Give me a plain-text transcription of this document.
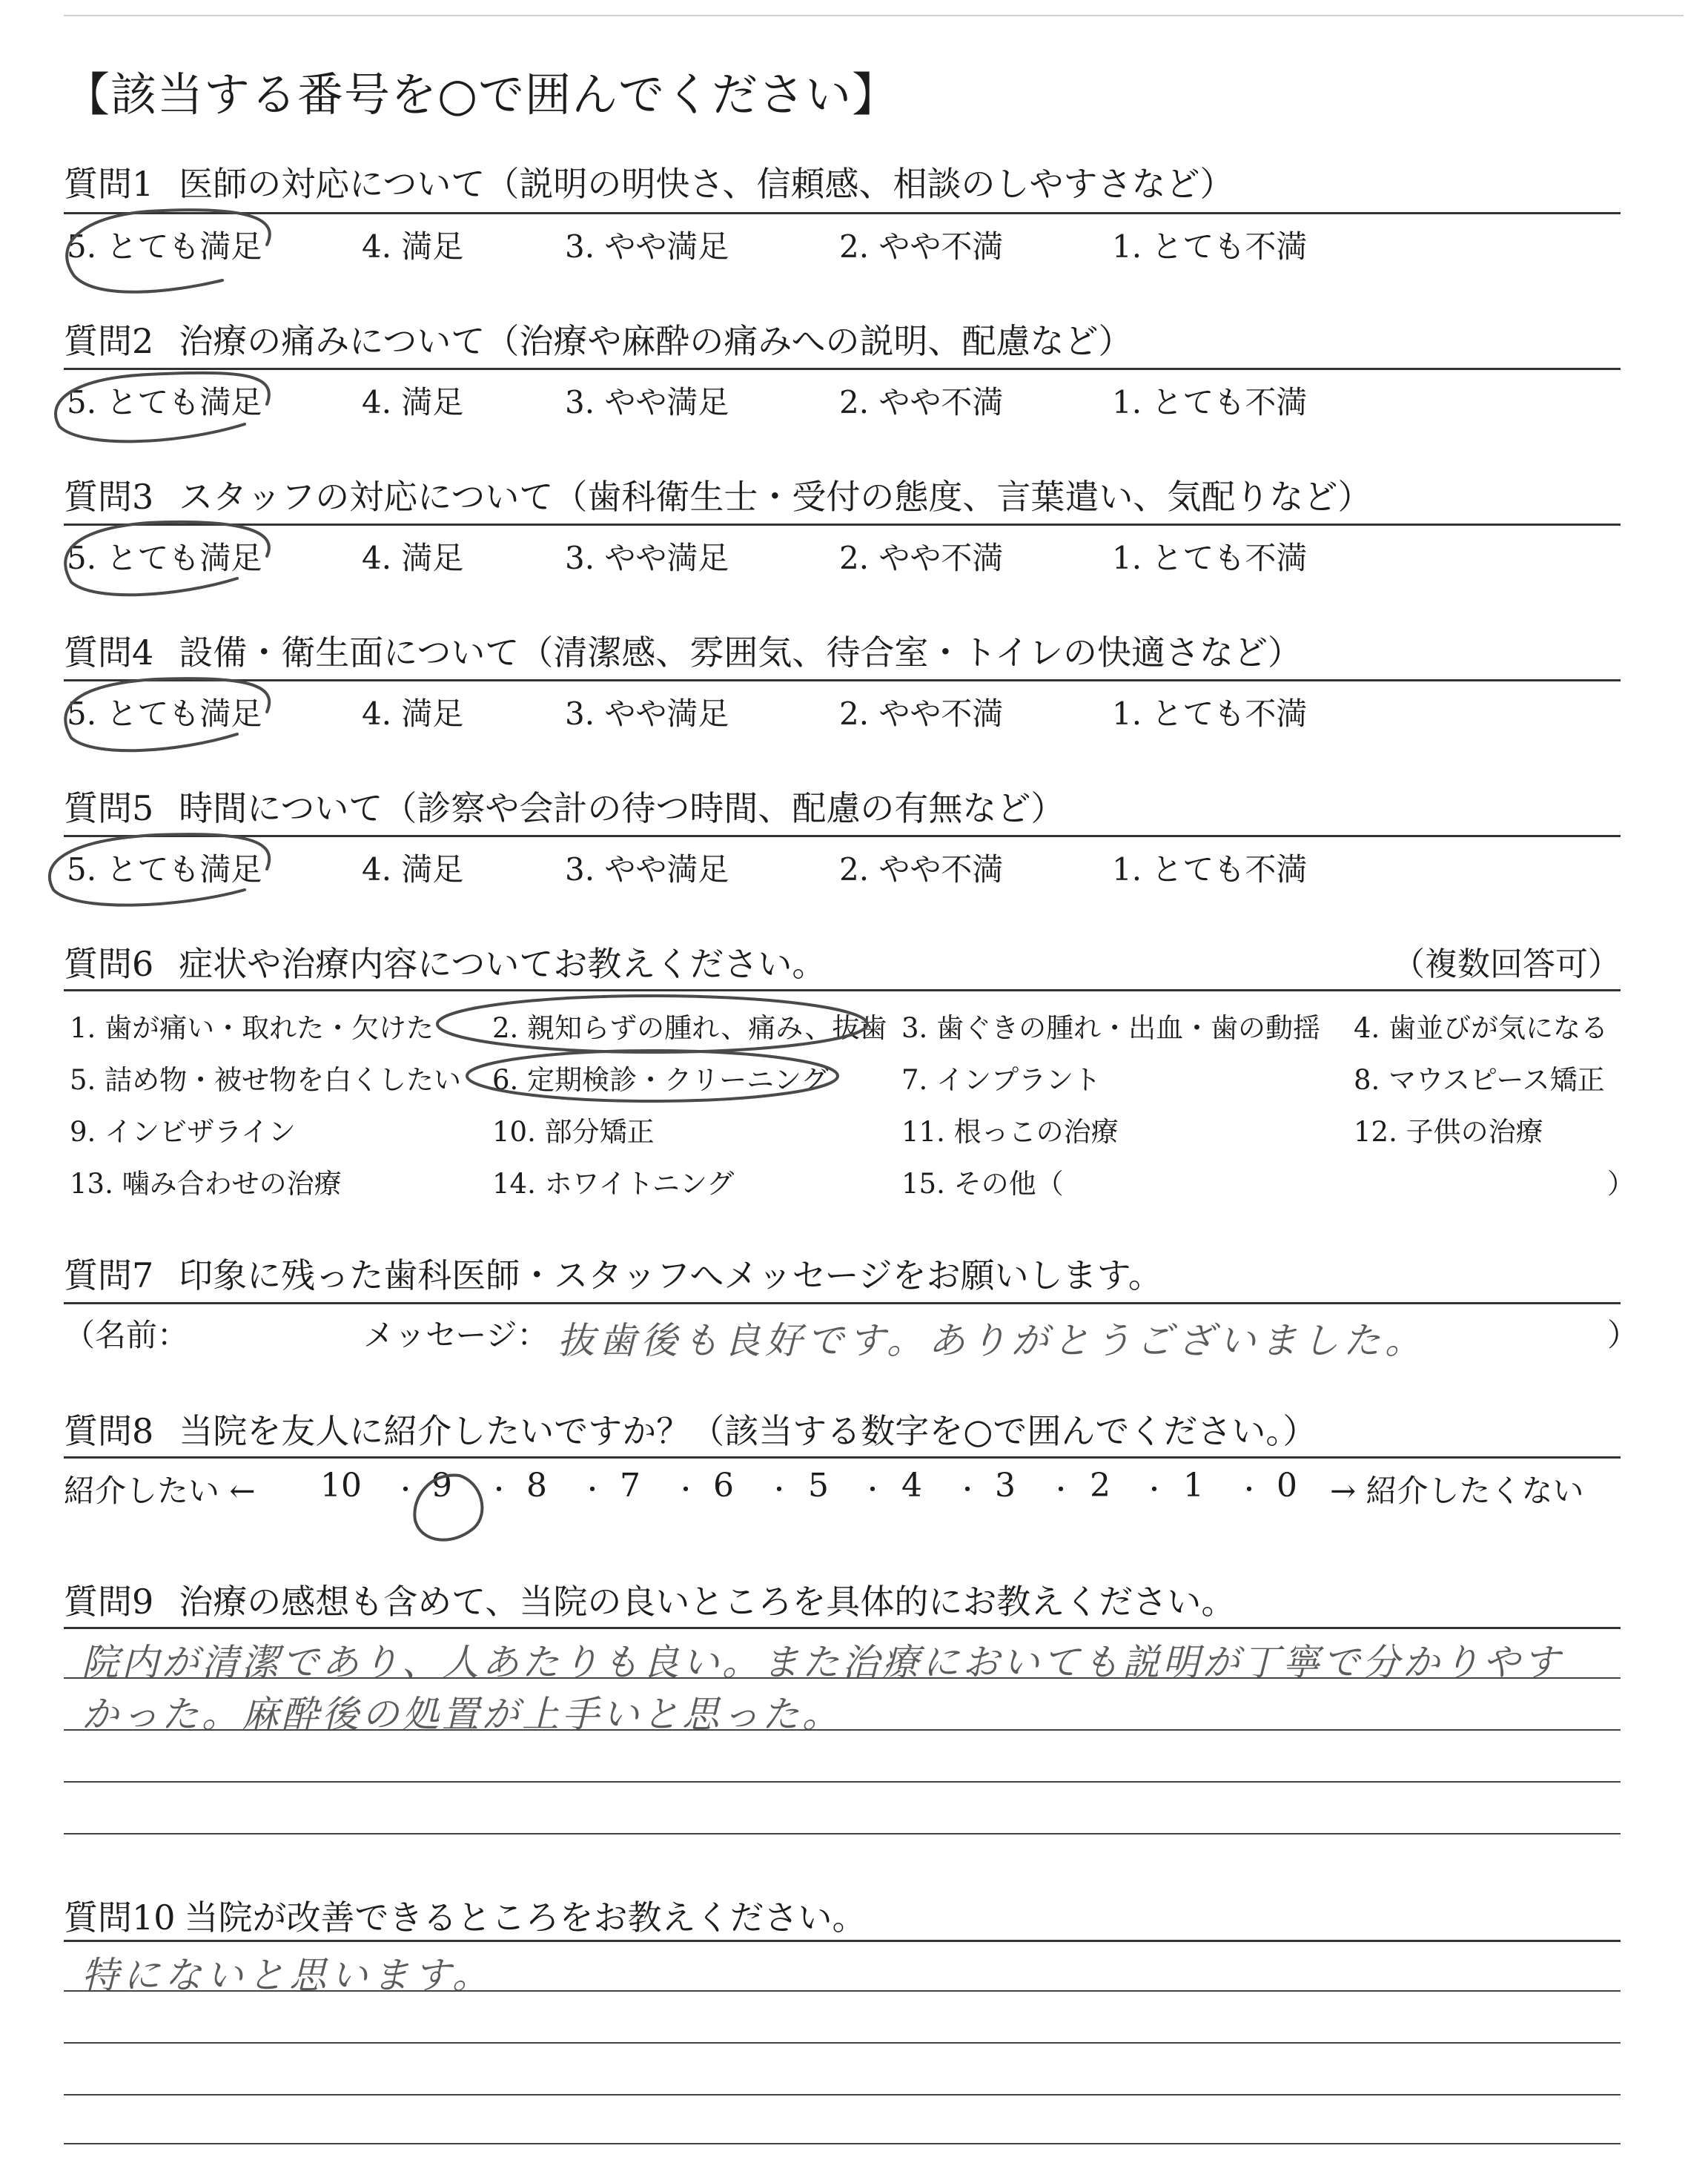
【該当する番号を○で囲んでください】
質問1 医師の対応について（説明の明快さ、信頼感、相談のしやすさなど）
5. とても満足	4. 満足	3. やや満足	2. やや不満	1. とても不満
質問2 治療の痛みについて（治療や麻酔の痛みへの説明、配慮など）
5. とても満足	4. 満足	3. やや満足	2. やや不満	1. とても不満
質問3 スタッフの対応について（歯科衛生士・受付の態度、言葉遣い、気配りなど）
5. とても満足	4. 満足	3. やや満足	2. やや不満	1. とても不満
質問4 設備・衛生面について（清潔感、雰囲気、待合室・トイレの快適さなど）
5. とても満足	4. 満足	3. やや満足	2. やや不満	1. とても不満
質問5 時間について（診察や会計の待つ時間、配慮の有無など）
5. とても満足	4. 満足	3. やや満足	2. やや不満	1. とても不満
質問6 症状や治療内容についてお教えください。	（複数回答可）
1. 歯が痛い・取れた・欠けた 2. 親知らずの腫れ、痛み、抜歯 3. 歯ぐきの腫れ・出血・歯の動揺 4. 歯並びが気になる
5. 詰め物・被せ物を白くしたい 6. 定期検診・クリーニング	7. インプラント	8. マウスピース矯正
9. インビザライン	10. 部分矯正	11. 根っこの治療	12. 子供の治療
13. 噛み合わせの治療	14. ホワイトニング	15. その他（	）
質問7 印象に残った歯科医師・スタッフへメッセージをお願いします。
（名前：	メッセージ： 抜歯後も良好です。ありがとうございました。	）
質問8 当院を友人に紹介したいですか？（該当する数字を○で囲んでください。）
紹介したい ← 10 ・ 9 ・ 8 ・ 7 ・ 6 ・ 5 ・ 4 ・ 3 ・ 2 ・ 1 ・ 0 → 紹介したくない
質問9 治療の感想も含めて、当院の良いところを具体的にお教えください。
院内が清潔であり、人あたりも良い。また治療においても説明が丁寧で分かりやす
かった。麻酔後の処置が上手いと思った。
質問10 当院が改善できるところをお教えください。
特にないと思います。
